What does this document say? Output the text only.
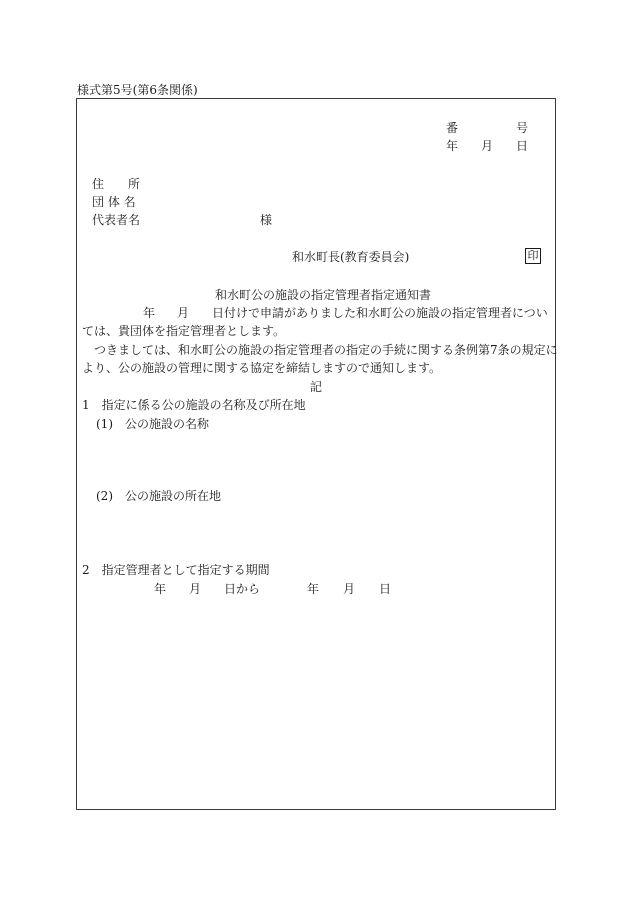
様式第5号(第6条関係)
番	号
年 月 日
住　　所
団 体 名
代表者名	様
和水町長(教育委員会)	印
和水町公の施設の指定管理者指定通知書
年 月 日付けで申請がありました和水町公の施設の指定管理者につい
ては、貴団体を指定管理者とします。
　つきましては、和水町公の施設の指定管理者の指定の手続に関する条例第7条の規定に
より、公の施設の管理に関する協定を締結しますので通知します。
記
1　指定に係る公の施設の名称及び所在地
(1)　公の施設の名称
(2)　公の施設の所在地
2　指定管理者として指定する期間
年 月 日から	年 月 日
